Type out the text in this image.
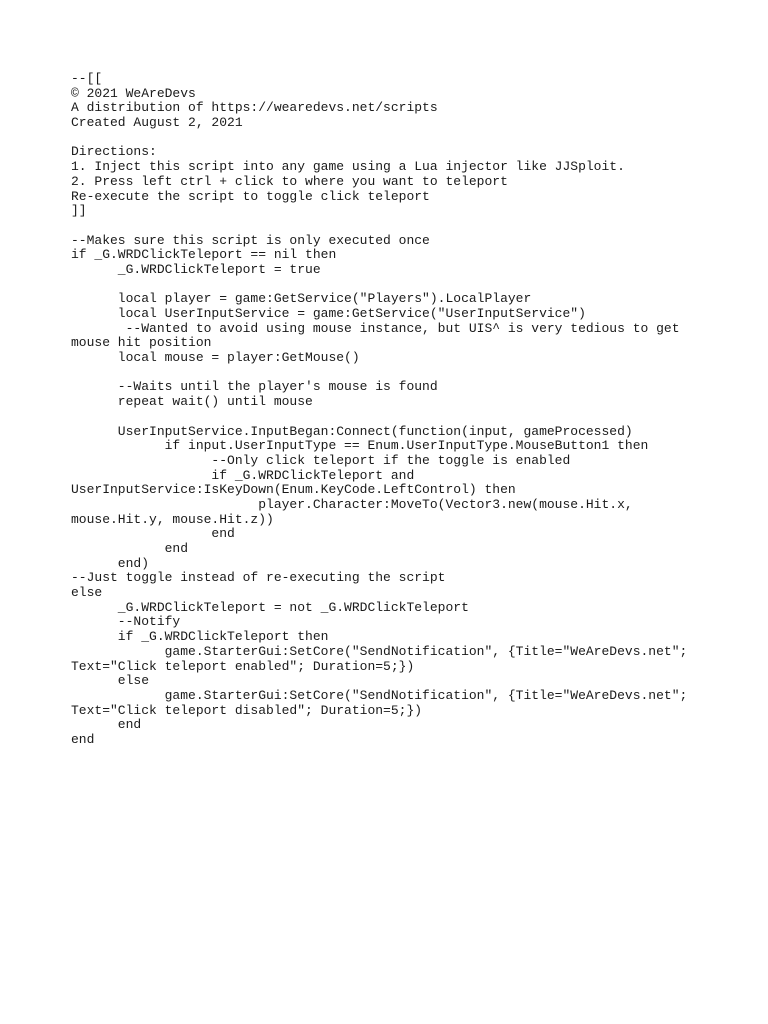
--[[
© 2021 WeAreDevs
A distribution of https://wearedevs.net/scripts
Created August 2, 2021
Directions:
1. Inject this script into any game using a Lua injector like JJSploit.
2. Press left ctrl + click to where you want to teleport
Re-execute the script to toggle click teleport
]]
--Makes sure this script is only executed once
if _G.WRDClickTeleport == nil then
_G.WRDClickTeleport = true
local player = game:GetService("Players").LocalPlayer
local UserInputService = game:GetService("UserInputService")
--Wanted to avoid using mouse instance, but UIS^ is very tedious to get
mouse hit position
local mouse = player:GetMouse()
--Waits until the player's mouse is found
repeat wait() until mouse
UserInputService.InputBegan:Connect(function(input, gameProcessed)
if input.UserInputType == Enum.UserInputType.MouseButton1 then
--Only click teleport if the toggle is enabled
if _G.WRDClickTeleport and
UserInputService:IsKeyDown(Enum.KeyCode.LeftControl) then
player.Character:MoveTo(Vector3.new(mouse.Hit.x,
mouse.Hit.y, mouse.Hit.z))
end
end
end)
--Just toggle instead of re-executing the script
else
_G.WRDClickTeleport = not _G.WRDClickTeleport
--Notify
if _G.WRDClickTeleport then
game.StarterGui:SetCore("SendNotification", {Title="WeAreDevs.net";
Text="Click teleport enabled"; Duration=5;})
else
game.StarterGui:SetCore("SendNotification", {Title="WeAreDevs.net";
Text="Click teleport disabled"; Duration=5;})
end
end
